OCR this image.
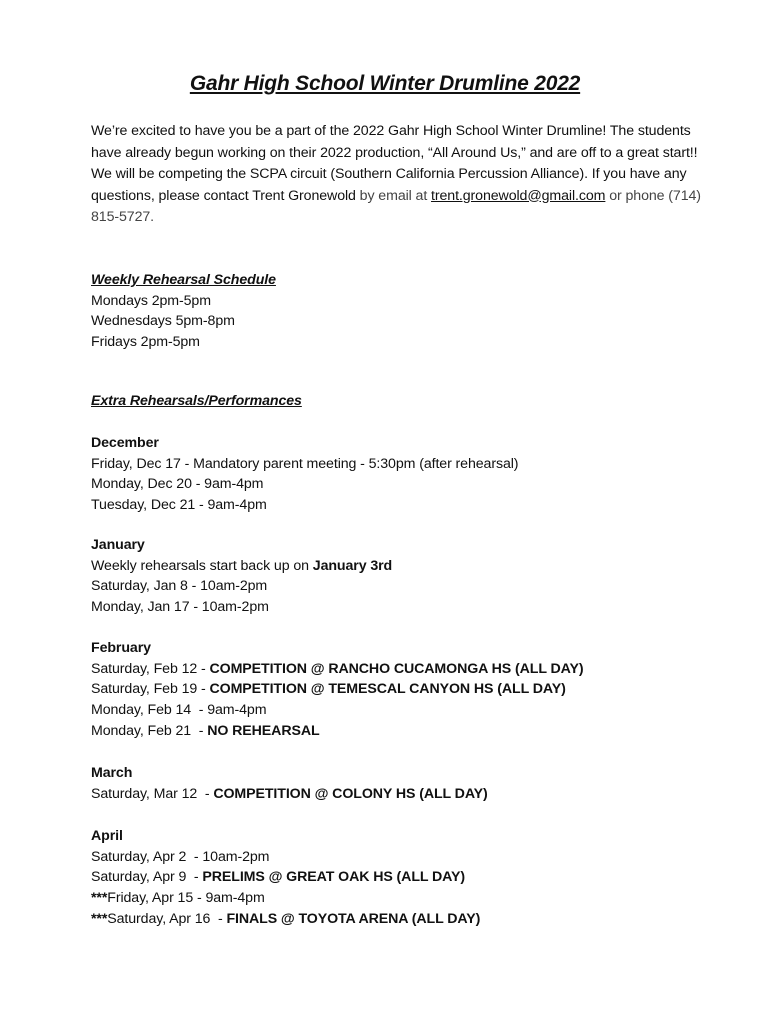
Gahr High School Winter Drumline 2022
We’re excited to have you be a part of the 2022 Gahr High School Winter Drumline! The students have already begun working on their 2022 production, “All Around Us,” and are off to a great start!! We will be competing the SCPA circuit (Southern California Percussion Alliance). If you have any questions, please contact Trent Gronewold by email at trent.gronewold@gmail.com or phone (714) 815-5727.
Weekly Rehearsal Schedule
Mondays 2pm-5pm
Wednesdays 5pm-8pm
Fridays 2pm-5pm
Extra Rehearsals/Performances
December
Friday, Dec 17 - Mandatory parent meeting - 5:30pm (after rehearsal)
Monday, Dec 20 - 9am-4pm
Tuesday, Dec 21 - 9am-4pm
January
Weekly rehearsals start back up on January 3rd
Saturday, Jan 8 - 10am-2pm
Monday, Jan 17 - 10am-2pm
February
Saturday, Feb 12 - COMPETITION @ RANCHO CUCAMONGA HS (ALL DAY)
Saturday, Feb 19 - COMPETITION @ TEMESCAL CANYON HS (ALL DAY)
Monday, Feb 14  - 9am-4pm
Monday, Feb 21  - NO REHEARSAL
March
Saturday, Mar 12  - COMPETITION @ COLONY HS (ALL DAY)
April
Saturday, Apr 2  - 10am-2pm
Saturday, Apr 9  - PRELIMS @ GREAT OAK HS (ALL DAY)
***Friday, Apr 15 - 9am-4pm
***Saturday, Apr 16  - FINALS @ TOYOTA ARENA (ALL DAY)
